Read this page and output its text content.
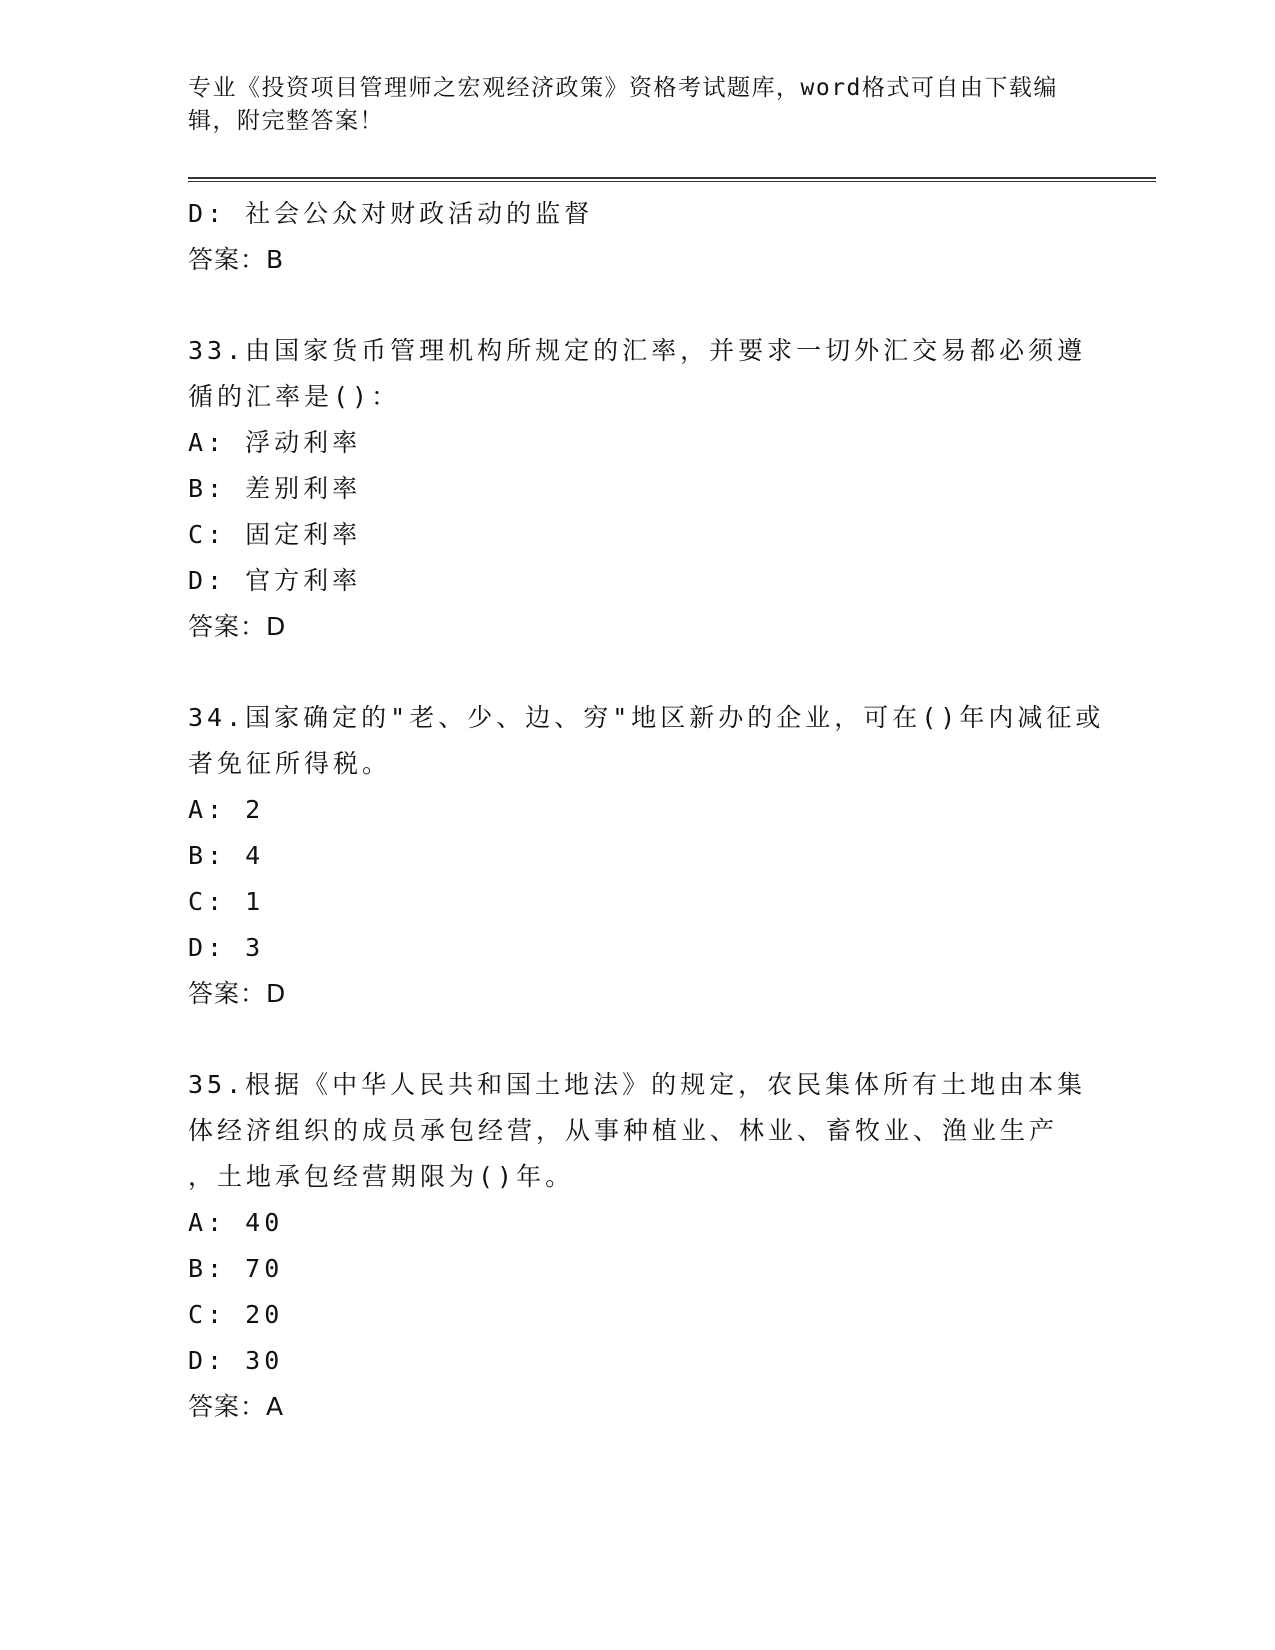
专业《投资项目管理师之宏观经济政策》资格考试题库，word格式可自由下载编
辑，附完整答案！
D: 社会公众对财政活动的监督
答案：B
33.由国家货币管理机构所规定的汇率，并要求一切外汇交易都必须遵
循的汇率是()：
A: 浮动利率
B: 差别利率
C: 固定利率
D: 官方利率
答案：D
34.国家确定的"老、少、边、穷"地区新办的企业，可在()年内减征或
者免征所得税。
A: 2
B: 4
C: 1
D: 3
答案：D
35.根据《中华人民共和国土地法》的规定，农民集体所有土地由本集
体经济组织的成员承包经营，从事种植业、林业、畜牧业、渔业生产
，土地承包经营期限为()年。
A: 40
B: 70
C: 20
D: 30
答案：A
